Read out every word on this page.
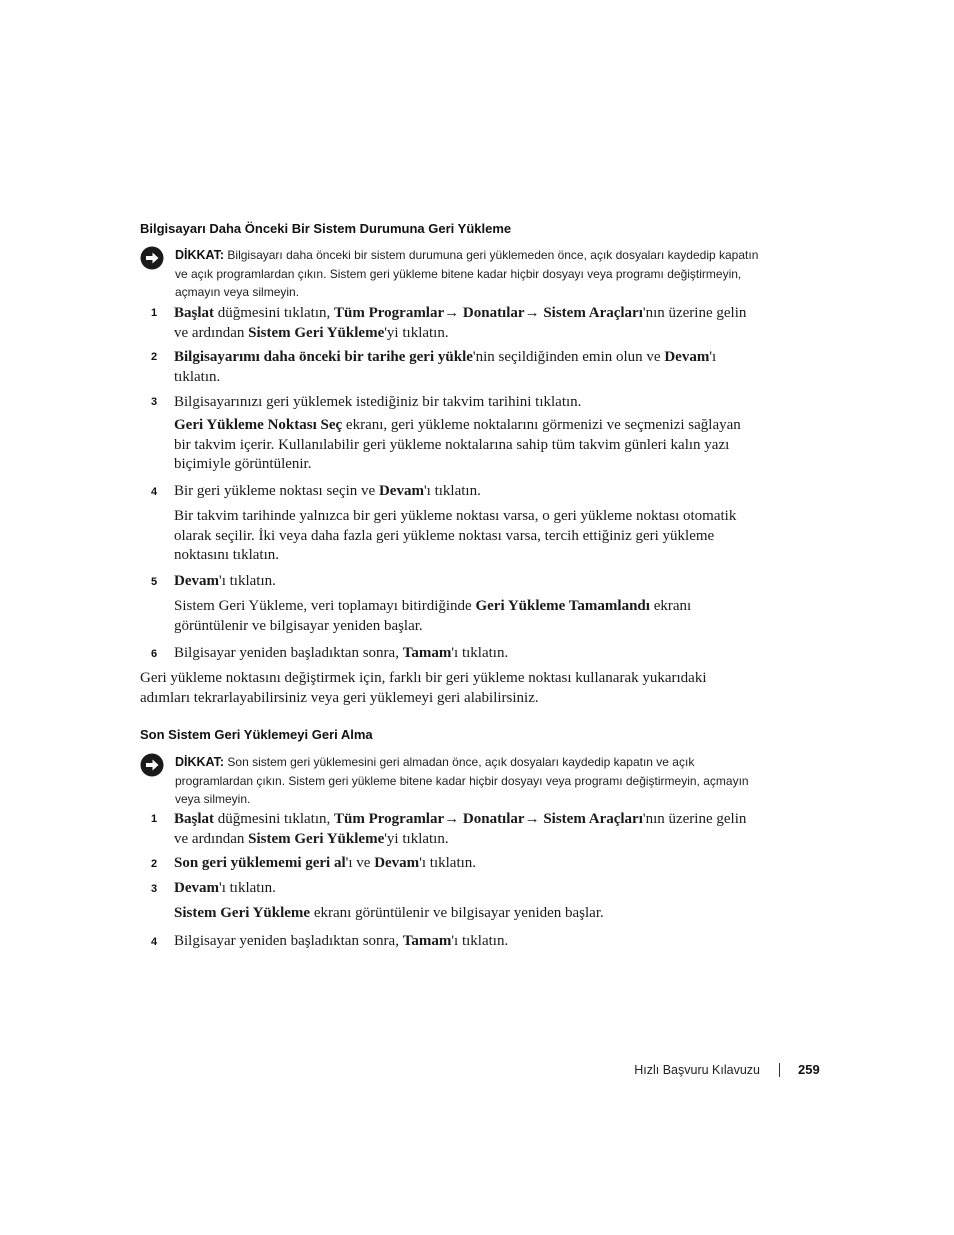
Bilgisayarı Daha Önceki Bir Sistem Durumuna Geri Yükleme
DİKKAT: Bilgisayarı daha önceki bir sistem durumuna geri yüklemeden önce, açık dosyaları kaydedip kapatın ve açık programlardan çıkın. Sistem geri yükleme bitene kadar hiçbir dosyayı veya programı değiştirmeyin, açmayın veya silmeyin.
1	Başlat düğmesini tıklatın, Tüm Programlar→ Donatılar→ Sistem Araçları'nın üzerine gelin ve ardından Sistem Geri Yükleme'yi tıklatın.
2	Bilgisayarımı daha önceki bir tarihe geri yükle'nin seçildiğinden emin olun ve Devam'ı tıklatın.
3	Bilgisayarınızı geri yüklemek istediğiniz bir takvim tarihini tıklatın.
Geri Yükleme Noktası Seç ekranı, geri yükleme noktalarını görmenizi ve seçmenizi sağlayan bir takvim içerir. Kullanılabilir geri yükleme noktalarına sahip tüm takvim günleri kalın yazı biçimiyle görüntülenir.
4	Bir geri yükleme noktası seçin ve Devam'ı tıklatın.
Bir takvim tarihinde yalnızca bir geri yükleme noktası varsa, o geri yükleme noktası otomatik olarak seçilir. İki veya daha fazla geri yükleme noktası varsa, tercih ettiğiniz geri yükleme noktasını tıklatın.
5	Devam'ı tıklatın.
Sistem Geri Yükleme, veri toplamayı bitirdiğinde Geri Yükleme Tamamlandı ekranı görüntülenir ve bilgisayar yeniden başlar.
6	Bilgisayar yeniden başladıktan sonra, Tamam'ı tıklatın.
Geri yükleme noktasını değiştirmek için, farklı bir geri yükleme noktası kullanarak yukarıdaki adımları tekrarlayabilirsiniz veya geri yüklemeyi geri alabilirsiniz.
Son Sistem Geri Yüklemeyi Geri Alma
DİKKAT: Son sistem geri yüklemesini geri almadan önce, açık dosyaları kaydedip kapatın ve açık programlardan çıkın. Sistem geri yükleme bitene kadar hiçbir dosyayı veya programı değiştirmeyin, açmayın veya silmeyin.
1	Başlat düğmesini tıklatın, Tüm Programlar→ Donatılar→ Sistem Araçları'nın üzerine gelin ve ardından Sistem Geri Yükleme'yi tıklatın.
2	Son geri yüklememi geri al'ı ve Devam'ı tıklatın.
3	Devam'ı tıklatın.
Sistem Geri Yükleme ekranı görüntülenir ve bilgisayar yeniden başlar.
4	Bilgisayar yeniden başladıktan sonra, Tamam'ı tıklatın.
Hızlı Başvuru Kılavuzu	259
